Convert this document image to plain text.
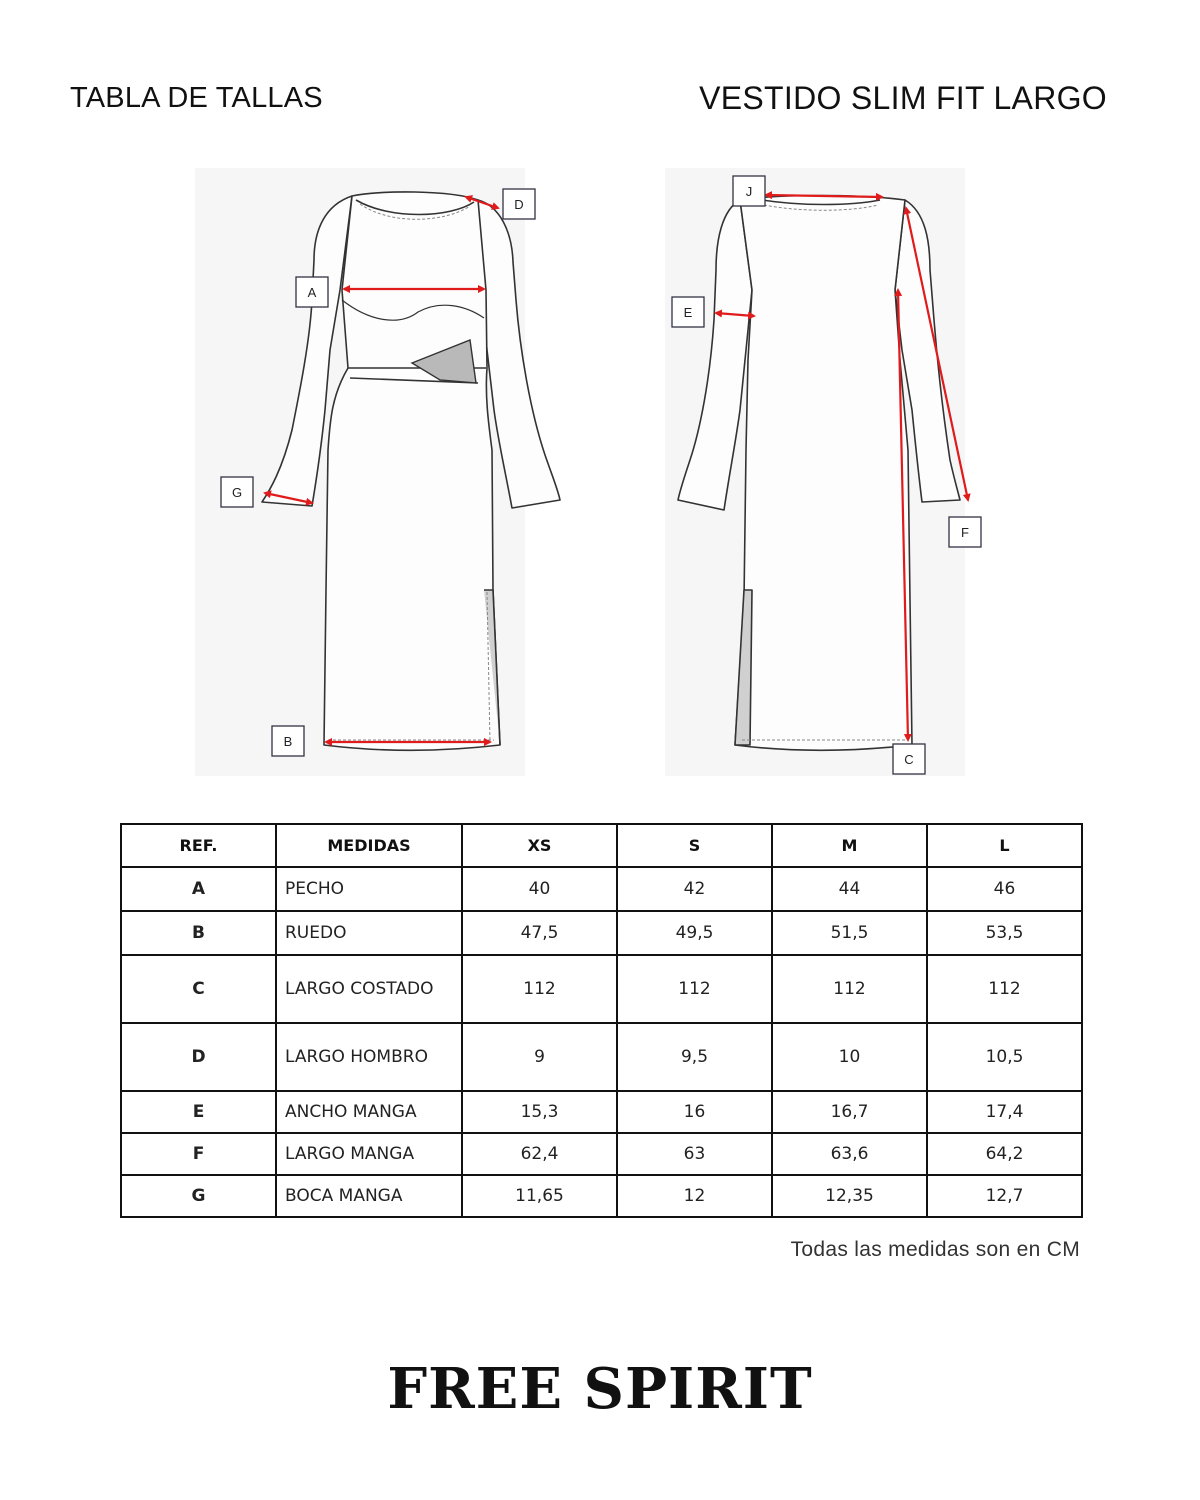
TABLA DE TALLAS	VESTIDO SLIM FIT LARGO
A
B
D
G
J
E
F
C
REF.	MEDIDAS	XS	S	M	L
A	PECHO	40	42	44	46
B	RUEDO	47,5	49,5	51,5	53,5
C	LARGO COSTADO	112	112	112	112
D	LARGO HOMBRO	9	9,5	10	10,5
E	ANCHO MANGA	15,3	16	16,7	17,4
F	LARGO MANGA	62,4	63	63,6	64,2
G	BOCA MANGA	11,65	12	12,35	12,7
Todas las medidas son en CM
FREE SPIRIT
